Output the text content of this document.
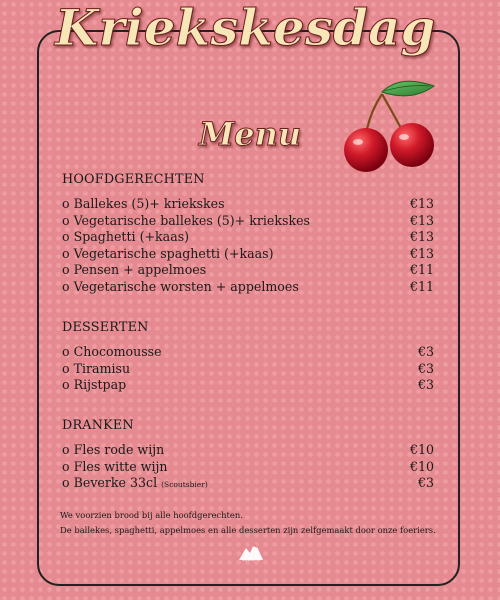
Kriekskesdag
Menu
HOOFDGERECHTEN
o Ballekes (5)+ kriekskes	€13
o Vegetarische ballekes (5)+ kriekskes	€13
o Spaghetti (+kaas)	€13
o Vegetarische spaghetti (+kaas)	€13
o Pensen + appelmoes	€11
o Vegetarische worsten + appelmoes	€11
DESSERTEN
o Chocomousse	€3
o Tiramisu	€3
o Rijstpap	€3
DRANKEN
o Fles rode wijn	€10
o Fles witte wijn	€10
o Beverke 33cl (Scoutsbier)	€3
We voorzien brood bij alle hoofdgerechten.
De ballekes, spaghetti, appelmoes en alle desserten zijn zelfgemaakt door onze foeriers.
SCOUTS
